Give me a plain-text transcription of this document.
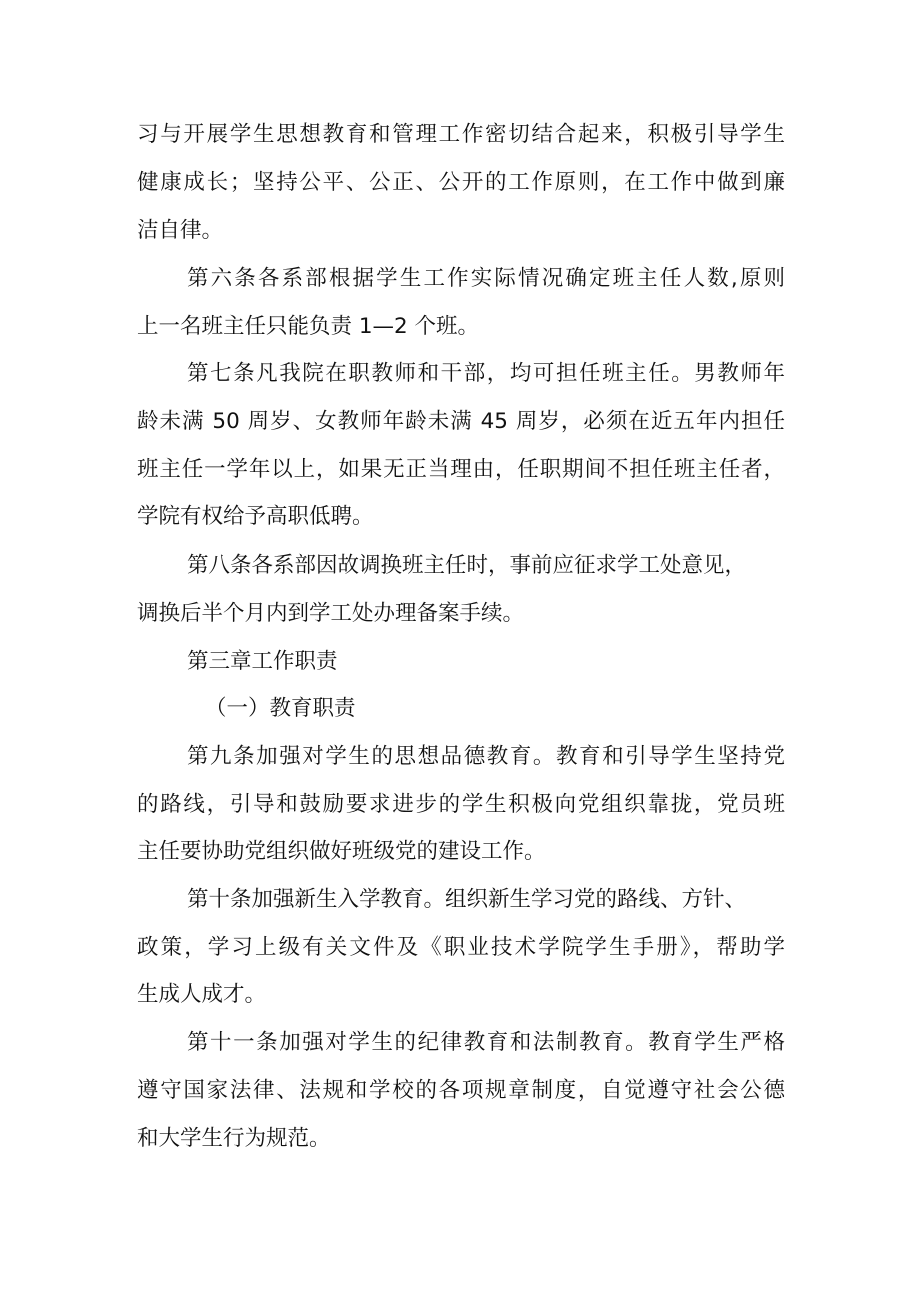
习与开展学生思想教育和管理工作密切结合起来，积极引导学生
健康成长；坚持公平、公正、公开的工作原则，在工作中做到廉
洁自律。
第六条各系部根据学生工作实际情况确定班主任人数,原则
上一名班主任只能负责 1—2 个班。
第七条凡我院在职教师和干部，均可担任班主任。男教师年
龄未满 50 周岁、女教师年龄未满 45 周岁，必须在近五年内担任
班主任一学年以上，如果无正当理由，任职期间不担任班主任者，
学院有权给予高职低聘。
第八条各系部因故调换班主任时，事前应征求学工处意见，
调换后半个月内到学工处办理备案手续。
第三章工作职责
（一）教育职责
第九条加强对学生的思想品德教育。教育和引导学生坚持党
的路线，引导和鼓励要求进步的学生积极向党组织靠拢，党员班
主任要协助党组织做好班级党的建设工作。
第十条加强新生入学教育。组织新生学习党的路线、方针、
政策，学习上级有关文件及《职业技术学院学生手册》，帮助学
生成人成才。
第十一条加强对学生的纪律教育和法制教育。教育学生严格
遵守国家法律、法规和学校的各项规章制度，自觉遵守社会公德
和大学生行为规范。
